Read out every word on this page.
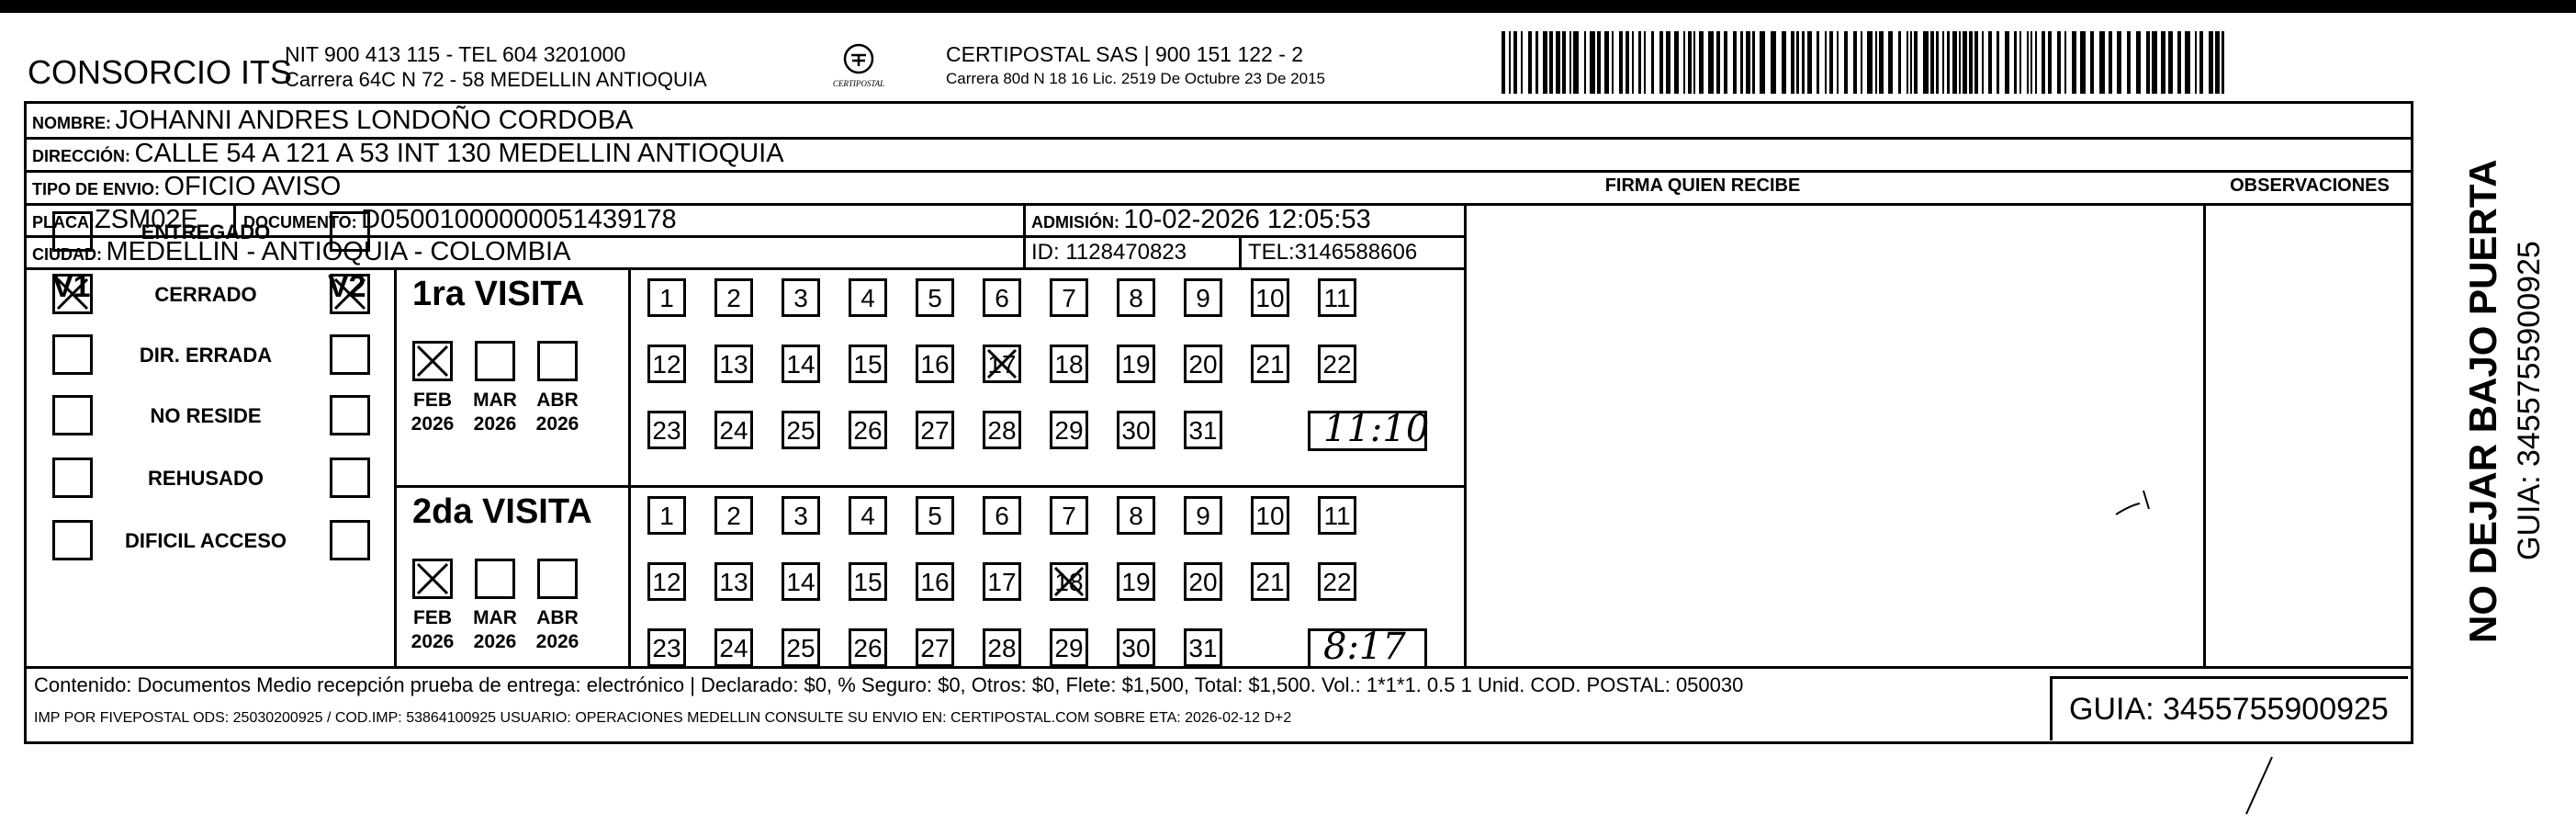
CONSORCIO ITS
NIT 900 413 115 - TEL 604 3201000
Carrera 64C N 72 - 58 MEDELLIN ANTIOQUIA	CERTIPOSTAL
CERTIPOSTAL SAS | 900 151 122 - 2
Carrera 80d N 18 16 Lic. 2519 De Octubre 23 De 2015
NOMBRE: JOHANNI ANDRES LONDOÑO CORDOBA
DIRECCIÓN: CALLE 54 A 121 A 53 INT 130 MEDELLIN ANTIOQUIA
TIPO DE ENVIO: OFICIO AVISO	FIRMA QUIEN RECIBE	OBSERVACIONES
PLACA:ZSM02E	DOCUMENTO: D05001000000051439178	ADMISIÓN: 10-02-2026 12:05:53
CIUDAD: MEDELLIN - ANTIOQUIA - COLOMBIA	ID: 1128470823	TEL:3146588606
V1	V2
ENTREGADO
CERRADO
DIR. ERRADA
NO RESIDE
REHUSADO
DIFICIL ACCESO
1ra VISITA
FEB
2026
MAR
2026
ABR
2026
1	2	3	4	5	6	7	8	9	10 11
12 13 14 15 16 17 18 19 20 21 22
23 24 25 26 27 28 29 30 31	11:10
2da VISITA
FEB
2026
MAR
2026
ABR
2026
1	2	3	4	5	6	7	8	9	10 11
12 13 14 15 16 17 18 19 20 21 22
23 24 25 26 27 28 29 30 31	8:17
Contenido: Documentos Medio recepción prueba de entrega: electrónico | Declarado: $0, % Seguro: $0, Otros: $0, Flete: $1,500, Total: $1,500. Vol.: 1*1*1. 0.5 1 Unid. COD. POSTAL: 050030
IMP POR FIVEPOSTAL ODS: 25030200925 / COD.IMP: 53864100925 USUARIO: OPERACIONES MEDELLIN CONSULTE SU ENVIO EN: CERTIPOSTAL.COM SOBRE ETA: 2026-02-12 D+2	GUIA: 3455755900925
NO DEJAR BAJO PUERTA GUIA: 3455755900925
